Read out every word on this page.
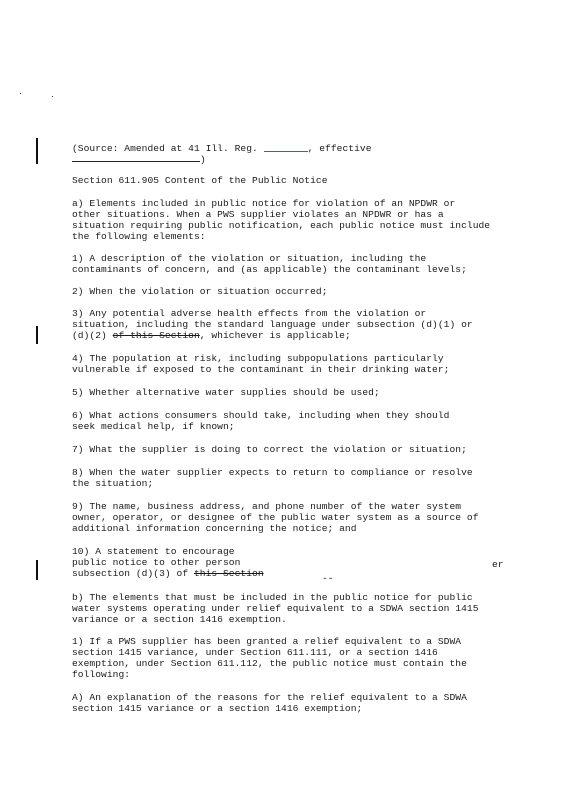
(Source: Amended at 41 Ill. Reg.	, effective
)
Section 611.905 Content of the Public Notice
a) Elements included in public notice for violation of an NPDWR or
other situations. When a PWS supplier violates an NPDWR or has a
situation requiring public notification, each public notice must include
the following elements:
1) A description of the violation or situation, including the
contaminants of concern, and (as applicable) the contaminant levels;
2) When the violation or situation occurred;
3) Any potential adverse health effects from the violation or
situation, including the standard language under subsection (d)(1) or
(d)(2) of this Section, whichever is applicable;
4) The population at risk, including subpopulations particularly
vulnerable if exposed to the contaminant in their drinking water;
5) Whether alternative water supplies should be used;
6) What actions consumers should take, including when they should
seek medical help, if known;
7) What the supplier is doing to correct the violation or situation;
8) When the water supplier expects to return to compliance or resolve
the situation;
9) The name, business address, and phone number of the water system
owner, operator, or designee of the public water system as a source of
additional information concerning the notice; and
10) A statement to encourage
public notice to other person	er
subsection (d)(3) of this Section	--
b) The elements that must be included in the public notice for public
water systems operating under relief equivalent to a SDWA section 1415
variance or a section 1416 exemption.
1) If a PWS supplier has been granted a relief equivalent to a SDWA
section 1415 variance, under Section 611.111, or a section 1416
exemption, under Section 611.112, the public notice must contain the
following:
A) An explanation of the reasons for the relief equivalent to a SDWA
section 1415 variance or a section 1416 exemption;
